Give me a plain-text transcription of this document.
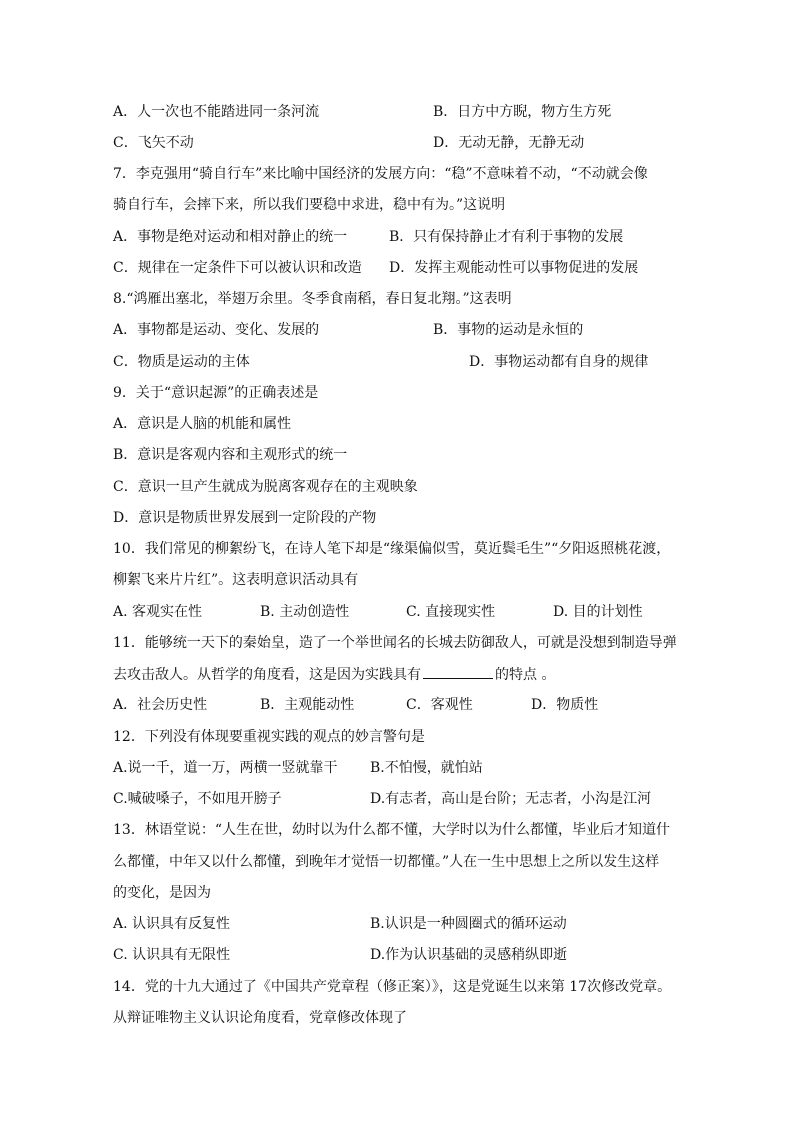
A．人一次也不能踏进同一条河流	B．日方中方睨，物方生方死
C．飞矢不动	D．无动无静，无静无动
7．李克强用“骑自行车”来比喻中国经济的发展方向：“稳”不意味着不动，“不动就会像
骑自行车，会摔下来，所以我们要稳中求进，稳中有为。”这说明
A．事物是绝对运动和相对静止的统一	B．只有保持静止才有利于事物的发展
C．规律在一定条件下可以被认识和改造 D．发挥主观能动性可以事物促进的发展
8.“鸿雁出塞北，举翅万余里。冬季食南稻，春日复北翔。”这表明
A．事物都是运动、变化、发展的	B．事物的运动是永恒的
C．物质是运动的主体	D．事物运动都有自身的规律
9．关于“意识起源”的正确表述是
A．意识是人脑的机能和属性
B．意识是客观内容和主观形式的统一
C．意识一旦产生就成为脱离客观存在的主观映象
D．意识是物质世界发展到一定阶段的产物
10．我们常见的柳絮纷飞，在诗人笔下却是“缘渠偏似雪，莫近鬓毛生”“夕阳返照桃花渡，
柳絮飞来片片红”。这表明意识活动具有
A. 客观实在性	B. 主动创造性	C. 直接现实性	D. 目的计划性
11．能够统一天下的秦始皇，造了一个举世闻名的长城去防御敌人，可就是没想到制造导弹
去攻击敌人。从哲学的角度看，这是因为实践具有	的特点 。
A．社会历史性	B．主观能动性	C．客观性	D．物质性
12．下列没有体现要重视实践的观点的妙言警句是
A.说一千，道一万，两横一竖就靠干 B.不怕慢，就怕站
C.喊破嗓子，不如甩开膀子	D.有志者，高山是台阶；无志者，小沟是江河
13．林语堂说：“人生在世，幼时以为什么都不懂，大学时以为什么都懂，毕业后才知道什
么都懂，中年又以什么都懂，到晚年才觉悟一切都懂。”人在一生中思想上之所以发生这样
的变化，是因为
A. 认识具有反复性	B.认识是一种圆圈式的循环运动
C. 认识具有无限性	D.作为认识基础的灵感稍纵即逝
14．党的十九大通过了《中国共产党章程（修正案）》，这是党诞生以来第 17次修改党章。
从辩证唯物主义认识论角度看，党章修改体现了
